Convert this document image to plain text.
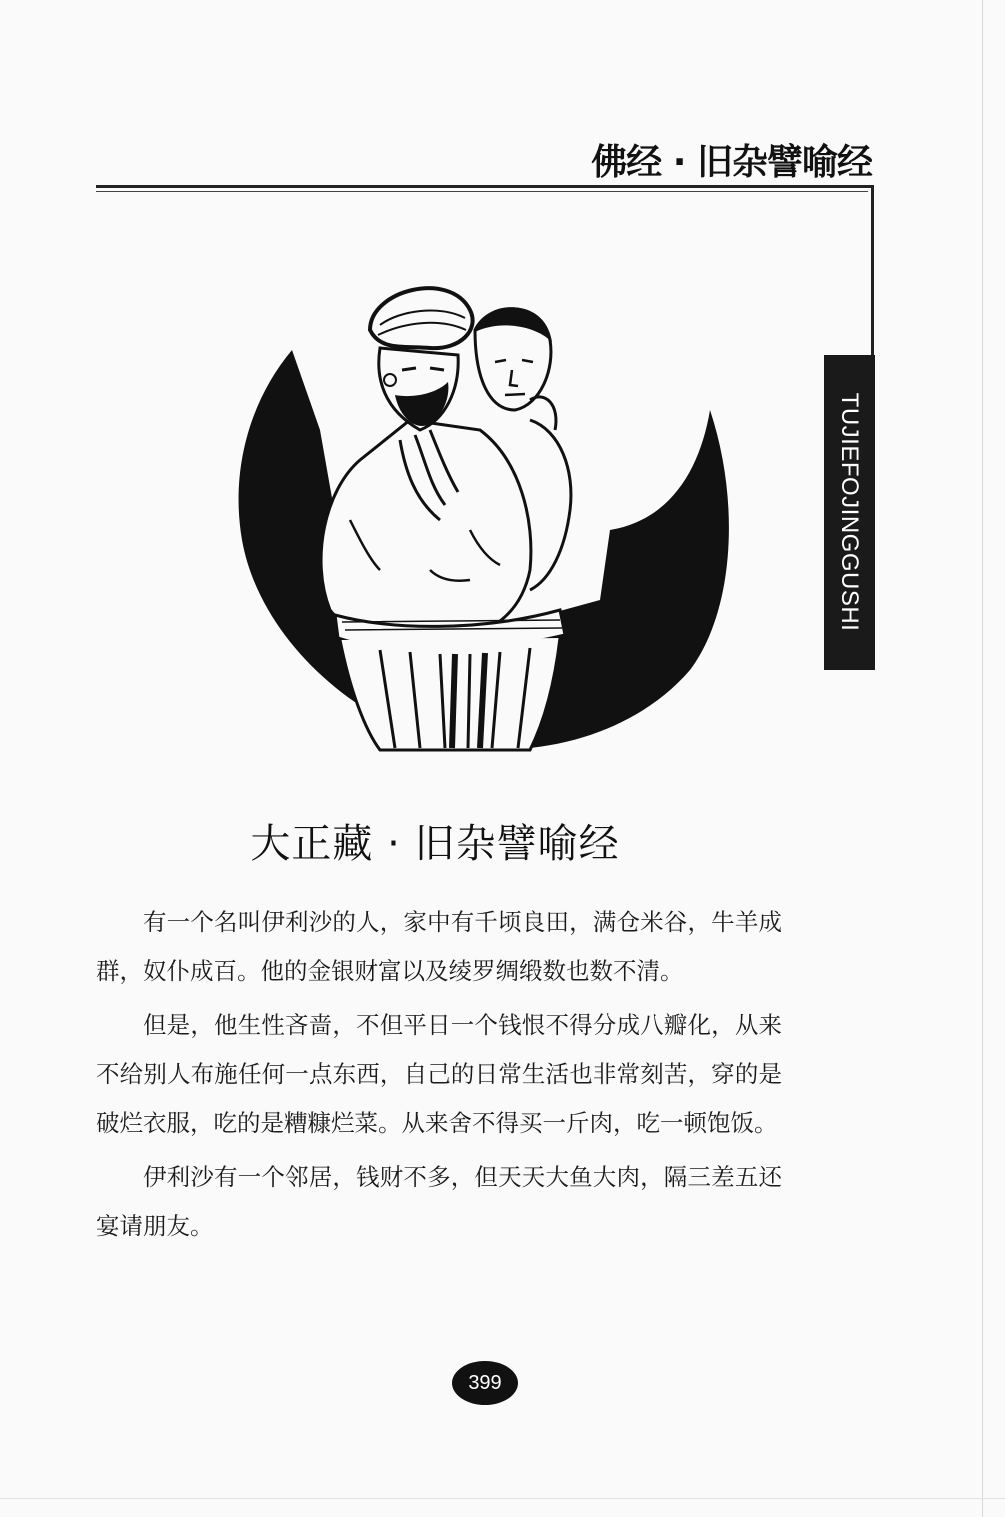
佛经 · 旧杂譬喻经
TUJIEFOJINGGUSHI
大正藏 · 旧杂譬喻经

有一个名叫伊利沙的人，家中有千顷良田，满仓米谷，牛羊成群，奴仆成百。他的金银财富以及绫罗绸缎数也数不清。

但是，他生性吝啬，不但平日一个钱恨不得分成八瓣化，从来不给别人布施任何一点东西，自己的日常生活也非常刻苦，穿的是破烂衣服，吃的是糟糠烂菜。从来舍不得买一斤肉，吃一顿饱饭。

伊利沙有一个邻居，钱财不多，但天天大鱼大肉，隔三差五还宴请朋友。

399
